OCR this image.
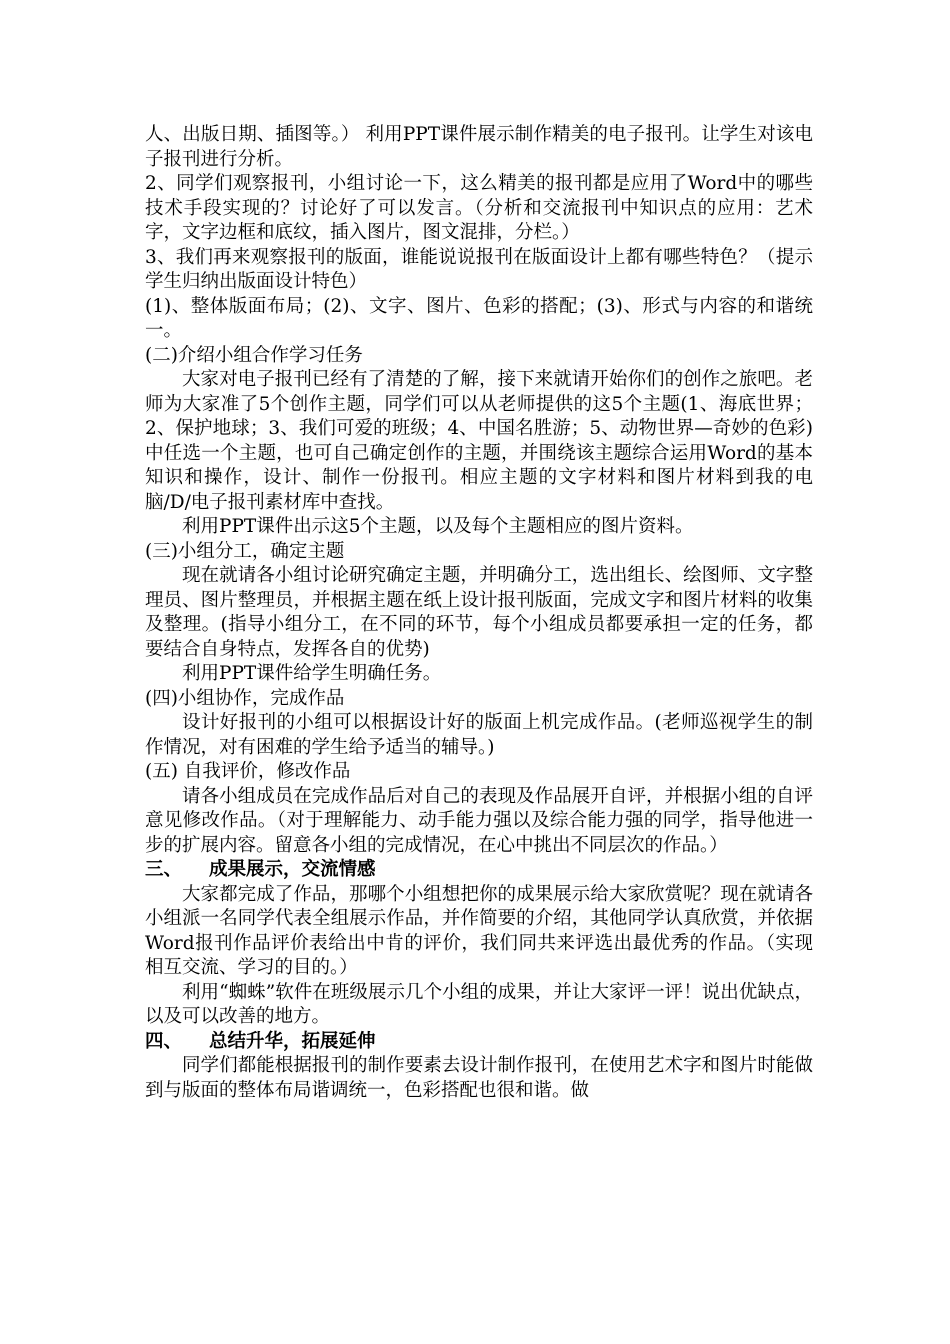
人、出版日期、插图等。） 利用PPT课件展示制作精美的电子报刊。让学生对该电子报刊进行分析。

2、同学们观察报刊，小组讨论一下，这么精美的报刊都是应用了Word中的哪些技术手段实现的？讨论好了可以发言。（分析和交流报刊中知识点的应用：艺术字，文字边框和底纹，插入图片，图文混排，分栏。）

3、我们再来观察报刊的版面，谁能说说报刊在版面设计上都有哪些特色？（提示学生归纳出版面设计特色）

(1)、整体版面布局；(2)、文字、图片、色彩的搭配；(3)、形式与内容的和谐统一。

(二)介绍小组合作学习任务

大家对电子报刊已经有了清楚的了解，接下来就请开始你们的创作之旅吧。老师为大家准了5个创作主题，同学们可以从老师提供的这5个主题(1、海底世界；2、保护地球；3、我们可爱的班级；4、中国名胜游；5、动物世界—奇妙的色彩)中任选一个主题，也可自己确定创作的主题，并围绕该主题综合运用Word的基本知识和操作，设计、制作一份报刊。相应主题的文字材料和图片材料到我的电脑/D/电子报刊素材库中查找。

利用PPT课件出示这5个主题，以及每个主题相应的图片资料。

(三)小组分工，确定主题

现在就请各小组讨论研究确定主题，并明确分工，选出组长、绘图师、文字整理员、图片整理员，并根据主题在纸上设计报刊版面，完成文字和图片材料的收集及整理。(指导小组分工，在不同的环节，每个小组成员都要承担一定的任务，都要结合自身特点，发挥各自的优势)

利用PPT课件给学生明确任务。

(四)小组协作，完成作品

设计好报刊的小组可以根据设计好的版面上机完成作品。(老师巡视学生的制作情况，对有困难的学生给予适当的辅导。)

(五) 自我评价，修改作品

请各小组成员在完成作品后对自己的表现及作品展开自评，并根据小组的自评意见修改作品。（对于理解能力、动手能力强以及综合能力强的同学，指导他进一步的扩展内容。留意各小组的完成情况，在心中挑出不同层次的作品。）

三、 成果展示，交流情感

大家都完成了作品，那哪个小组想把你的成果展示给大家欣赏呢？现在就请各小组派一名同学代表全组展示作品，并作简要的介绍，其他同学认真欣赏，并依据Word报刊作品评价表给出中肯的评价，我们同共来评选出最优秀的作品。（实现相互交流、学习的目的。）

利用“蜘蛛”软件在班级展示几个小组的成果，并让大家评一评！说出优缺点，以及可以改善的地方。

四、 总结升华，拓展延伸

同学们都能根据报刊的制作要素去设计制作报刊，在使用艺术字和图片时能做到与版面的整体布局谐调统一，色彩搭配也很和谐。做
